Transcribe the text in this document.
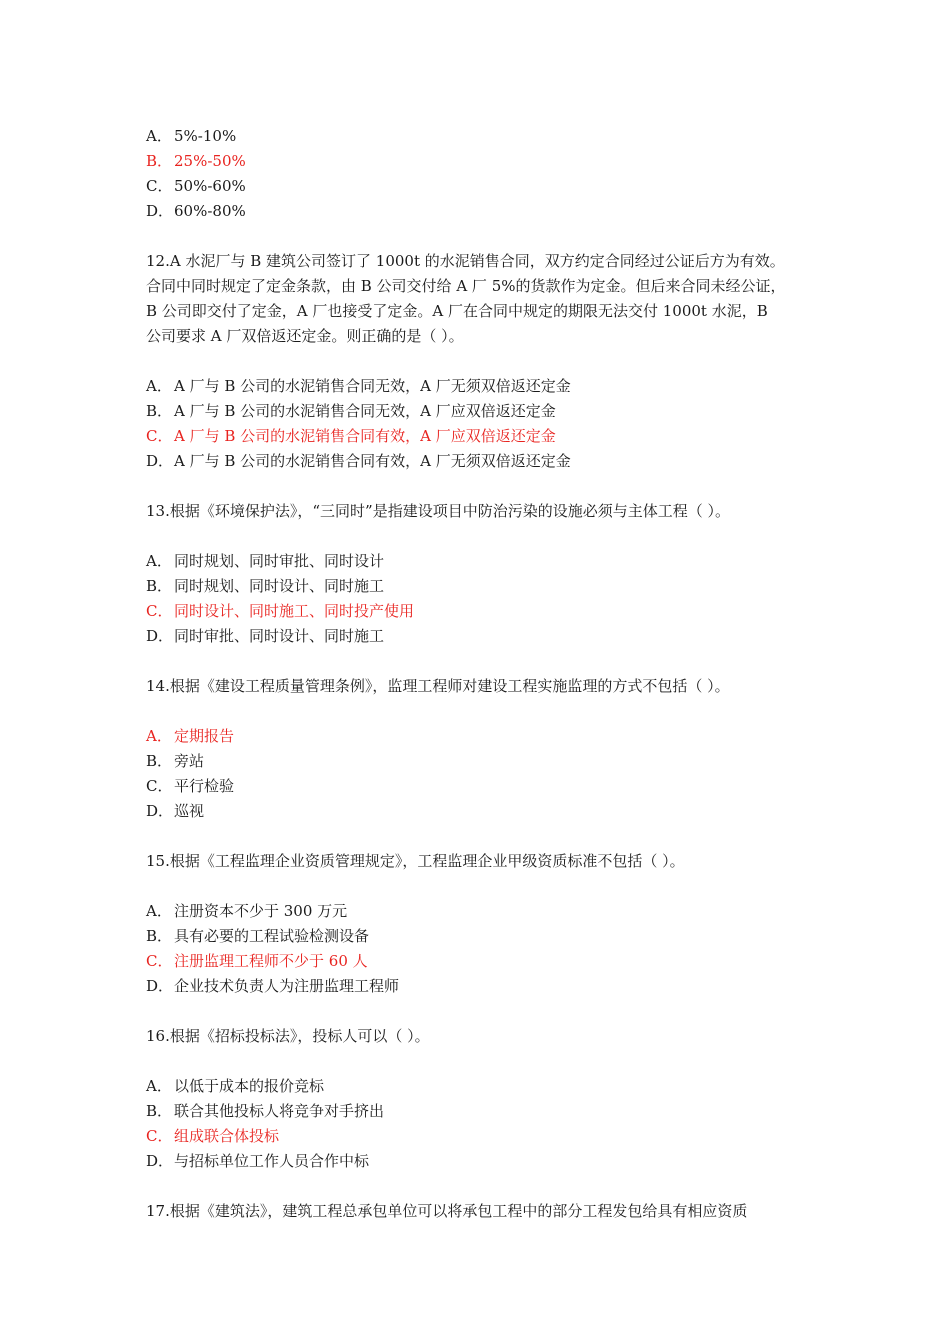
A． 5%-10%

B． 25%-50%

C． 50%-60%

D．60%-80%

12.A 水泥厂与 B 建筑公司签订了 1000t 的水泥销售合同，双方约定合同经过公证后方为有效。

合同中同时规定了定金条款，由 B 公司交付给 A 厂 5%的货款作为定金。但后来合同未经公证，

B 公司即交付了定金，A 厂也接受了定金。A 厂在合同中规定的期限无法交付 1000t 水泥，B

公司要求 A 厂双倍返还定金。则正确的是（ ）。

A． A 厂与 B 公司的水泥销售合同无效，A 厂无须双倍返还定金

B． A 厂与 B 公司的水泥销售合同无效，A 厂应双倍返还定金

C． A 厂与 B 公司的水泥销售合同有效，A 厂应双倍返还定金

D．A 厂与 B 公司的水泥销售合同有效，A 厂无须双倍返还定金

13.根据《环境保护法》，“三同时”是指建设项目中防治污染的设施必须与主体工程（ ）。

A． 同时规划、同时审批、同时设计

B． 同时规划、同时设计、同时施工

C． 同时设计、同时施工、同时投产使用

D．同时审批、同时设计、同时施工

14.根据《建设工程质量管理条例》，监理工程师对建设工程实施监理的方式不包括（ ）。

A． 定期报告

B． 旁站

C． 平行检验

D．巡视

15.根据《工程监理企业资质管理规定》，工程监理企业甲级资质标准不包括（ ）。

A． 注册资本不少于 300 万元

B． 具有必要的工程试验检测设备

C． 注册监理工程师不少于 60 人

D．企业技术负责人为注册监理工程师

16.根据《招标投标法》，投标人可以（ ）。

A． 以低于成本的报价竞标

B． 联合其他投标人将竞争对手挤出

C． 组成联合体投标

D．与招标单位工作人员合作中标

17.根据《建筑法》，建筑工程总承包单位可以将承包工程中的部分工程发包给具有相应资质
